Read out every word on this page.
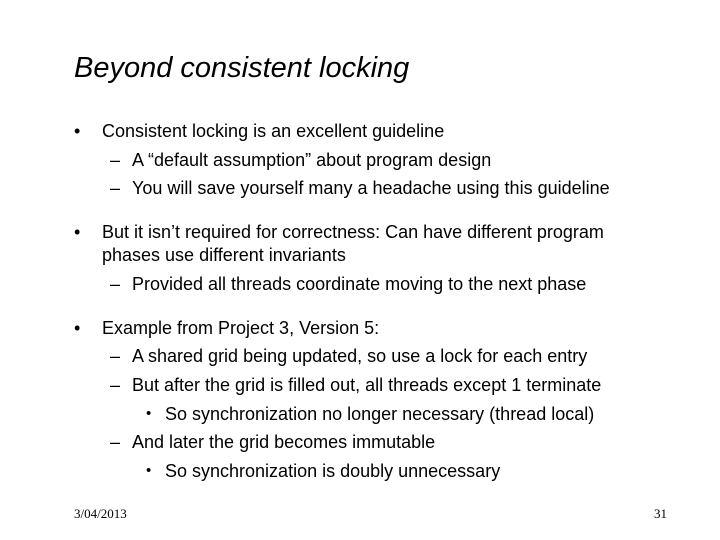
Beyond consistent locking
• Consistent locking is an excellent guideline
– A “default assumption” about program design
– You will save yourself many a headache using this guideline
• But it isn’t required for correctness: Can have different program
phases use different invariants
– Provided all threads coordinate moving to the next phase
• Example from Project 3, Version 5:
– A shared grid being updated, so use a lock for each entry
– But after the grid is filled out, all threads except 1 terminate
• So synchronization no longer necessary (thread local)
– And later the grid becomes immutable
• So synchronization is doubly unnecessary
3/04/2013	31
